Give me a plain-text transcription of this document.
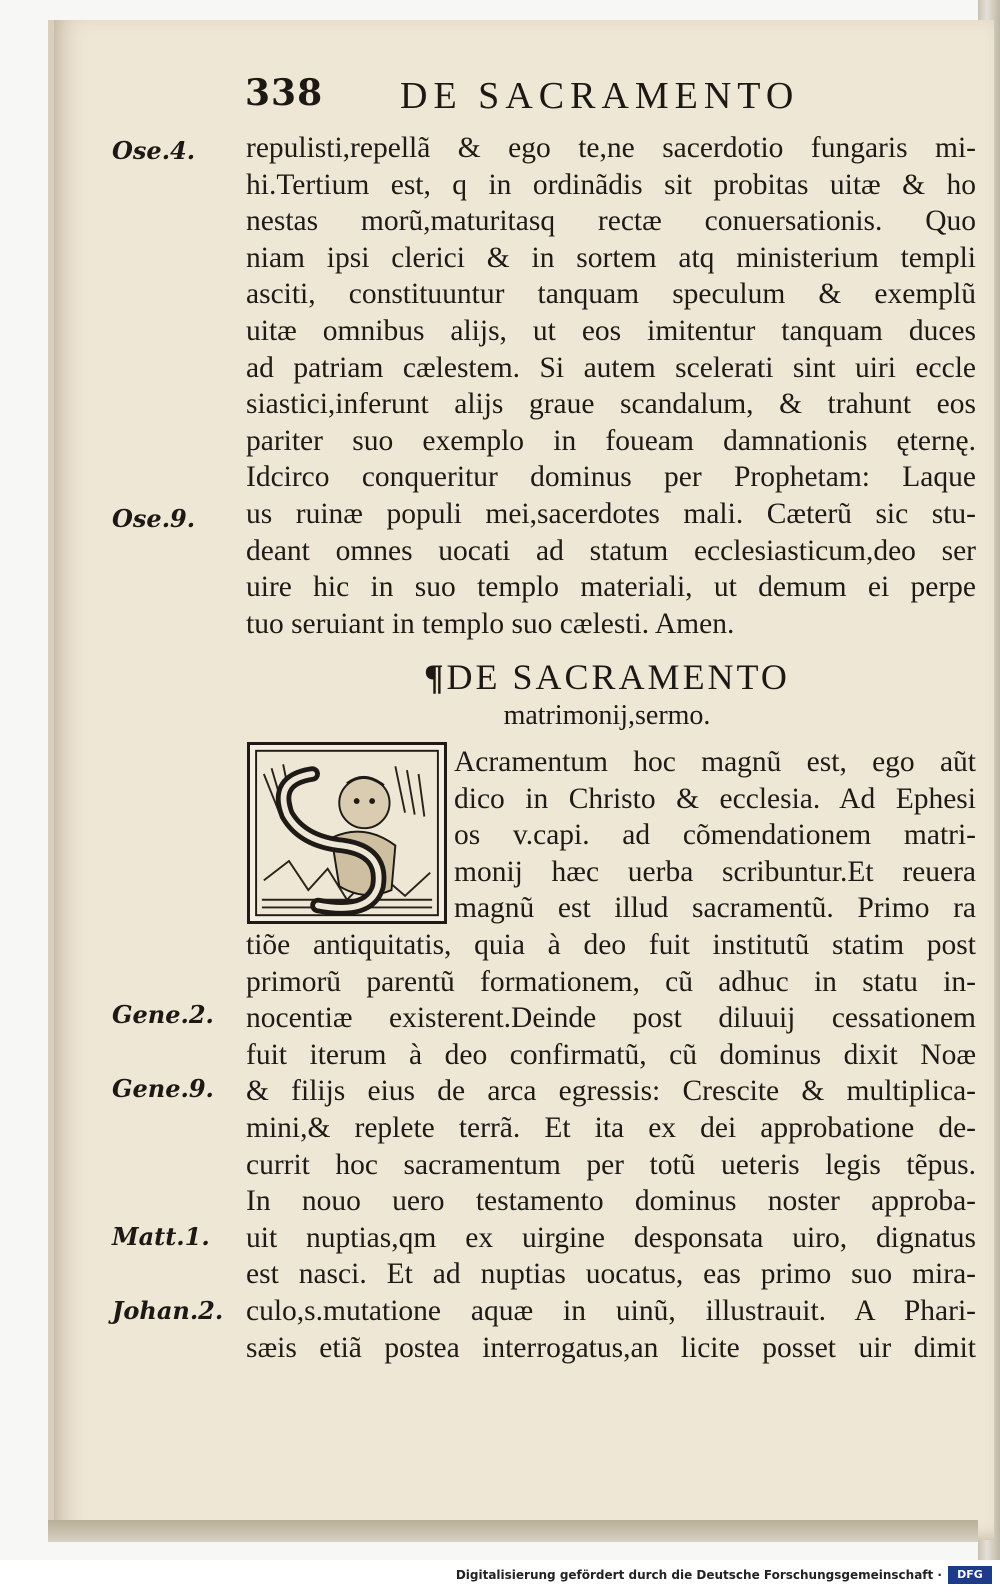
338 DE SACRAMENTO
Ose.4.
Ose.9.
Gene.2.
Gene.9.
Matt.1.
Johan.2.
repulisti,repellã & ego te,ne sacerdotio fungaris mi-
hi.Tertium est, q in ordinãdis sit probitas uitæ & ho
nestas morũ,maturitasq rectæ conuersationis. Quo
niam ipsi clerici & in sortem atq ministerium templi
asciti, constituuntur tanquam speculum & exemplũ
uitæ omnibus alijs, ut eos imitentur tanquam duces
ad patriam cælestem. Si autem scelerati sint uiri eccle
siastici,inferunt alijs graue scandalum, & trahunt eos
pariter suo exemplo in foueam damnationis ęternę.
Idcirco conqueritur dominus per Prophetam: Laque
us ruinæ populi mei,sacerdotes mali. Cæterũ sic stu-
deant omnes uocati ad statum ecclesiasticum,deo ser
uire hic in suo templo materiali, ut demum ei perpe
tuo seruiant in templo suo cælesti. Amen.
¶DE SACRAMENTO
matrimonij,sermo.
Acramentum hoc magnũ est, ego aũt
dico in Christo & ecclesia. Ad Ephesi
os v.capi. ad cõmendationem matri-
monij hæc uerba scribuntur.Et reuera
magnũ est illud sacramentũ. Primo ra
tiõe antiquitatis, quia à deo fuit institutũ statim post
primorũ parentũ formationem, cũ adhuc in statu in-
nocentiæ existerent.Deinde post diluuij cessationem
fuit iterum à deo confirmatũ, cũ dominus dixit Noæ
& filijs eius de arca egressis: Crescite & multiplica-
mini,& replete terrã. Et ita ex dei approbatione de-
currit hoc sacramentum per totũ ueteris legis tẽpus.
In nouo uero testamento dominus noster approba-
uit nuptias,qm ex uirgine desponsata uiro, dignatus
est nasci. Et ad nuptias uocatus, eas primo suo mira-
culo,s.mutatione aquæ in uinũ, illustrauit. A Phari-
sæis etiã postea interrogatus,an licite posset uir dimit
Digitalisierung gefördert durch die Deutsche Forschungsgemeinschaft ·	DFG
